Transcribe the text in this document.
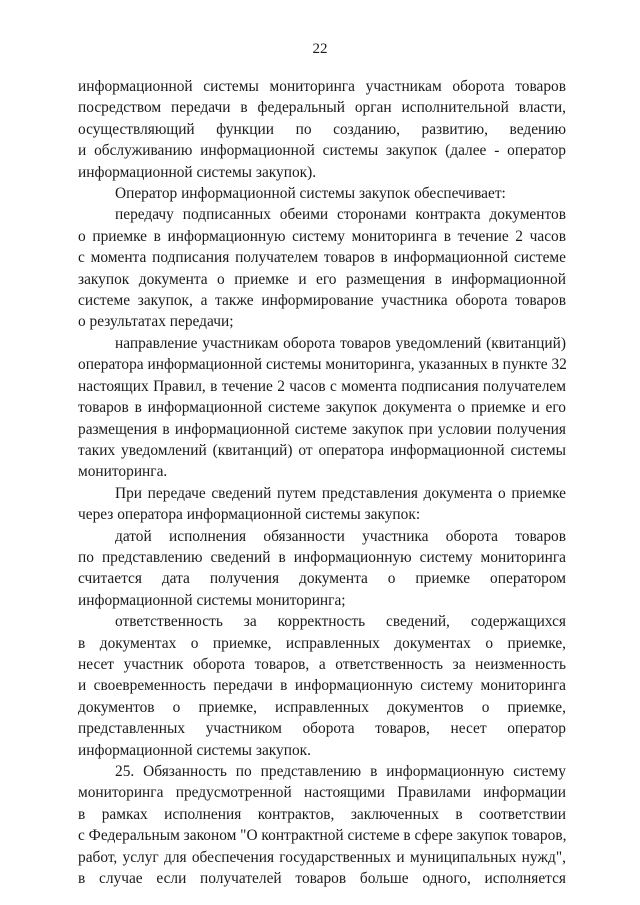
22
информационной системы мониторинга участникам оборота товаров
посредством передачи в федеральный орган исполнительной власти,
осуществляющий функции по созданию, развитию, ведению
и обслуживанию информационной системы закупок (далее - оператор
информационной системы закупок).
Оператор информационной системы закупок обеспечивает:
передачу подписанных обеими сторонами контракта документов
о приемке в информационную систему мониторинга в течение 2 часов
с момента подписания получателем товаров в информационной системе
закупок документа о приемке и его размещения в информационной
системе закупок, а также информирование участника оборота товаров
о результатах передачи;
направление участникам оборота товаров уведомлений (квитанций)
оператора информационной системы мониторинга, указанных в пункте 32
настоящих Правил, в течение 2 часов с момента подписания получателем
товаров в информационной системе закупок документа о приемке и его
размещения в информационной системе закупок при условии получения
таких уведомлений (квитанций) от оператора информационной системы
мониторинга.
При передаче сведений путем представления документа о приемке
через оператора информационной системы закупок:
датой исполнения обязанности участника оборота товаров
по представлению сведений в информационную систему мониторинга
считается дата получения документа о приемке оператором
информационной системы мониторинга;
ответственность за корректность сведений, содержащихся
в документах о приемке, исправленных документах о приемке,
несет участник оборота товаров, а ответственность за неизменность
и своевременность передачи в информационную систему мониторинга
документов о приемке, исправленных документов о приемке,
представленных участником оборота товаров, несет оператор
информационной системы закупок.
25. Обязанность по представлению в информационную систему
мониторинга предусмотренной настоящими Правилами информации
в рамках исполнения контрактов, заключенных в соответствии
с Федеральным законом "О контрактной системе в сфере закупок товаров,
работ, услуг для обеспечения государственных и муниципальных нужд",
в случае если получателей товаров больше одного, исполняется
